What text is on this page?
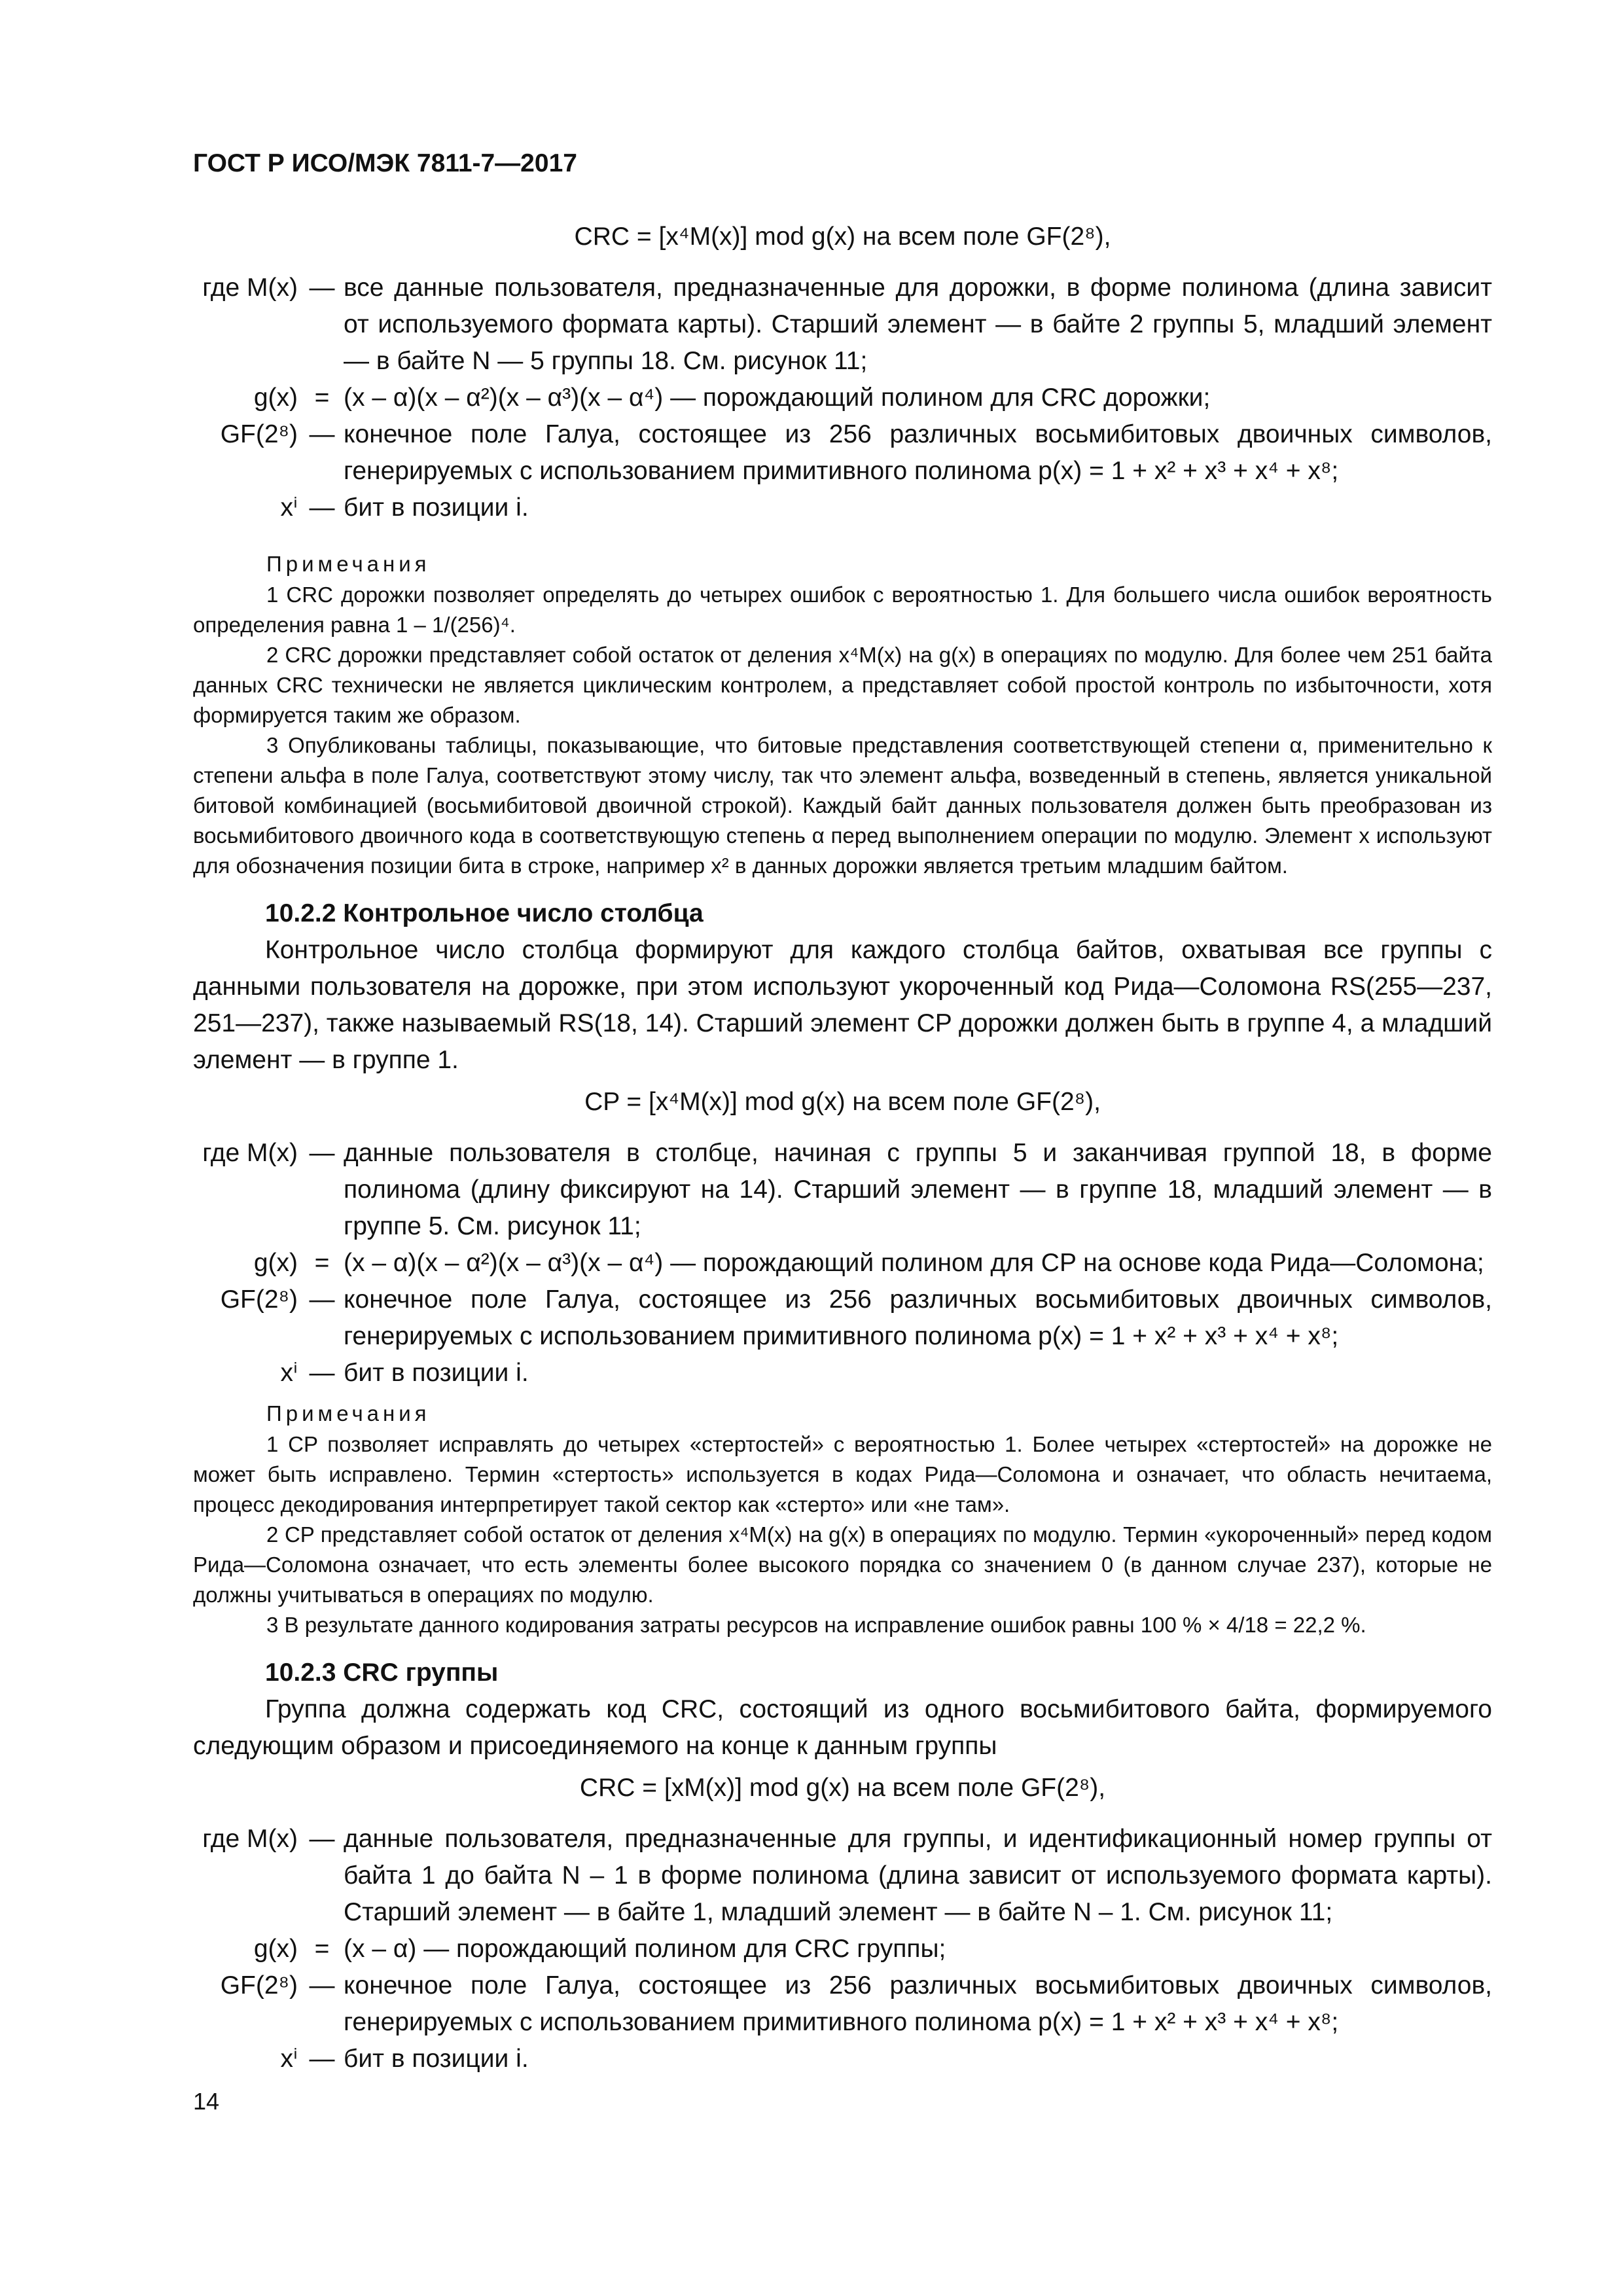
ГОСТ Р ИСО/МЭК 7811-7—2017
CRC = [x⁴M(x)] mod g(x) на всем поле GF(2⁸),
где M(x)	—	все данные пользователя, предназначенные для дорожки, в форме полинома (длина зависит от используемого формата карты). Старший элемент — в байте 2 группы 5, младший элемент — в байте N — 5 группы 18. См. рисунок 11;
g(x)	=	(x – α)(x – α²)(x – α³)(x – α⁴) — порождающий полином для CRC дорожки;
GF(2⁸)	—	конечное поле Галуа, состоящее из 256 различных восьмибитовых двоичных символов, генерируемых с использованием примитивного полинома p(x) = 1 + x² + x³ + x⁴ + x⁸;
xⁱ	—	бит в позиции i.
Примечания

1 CRC дорожки позволяет определять до четырех ошибок с вероятностью 1. Для большего числа ошибок вероятность определения равна 1 – 1/(256)⁴.

2 CRC дорожки представляет собой остаток от деления x⁴M(x) на g(x) в операциях по модулю. Для более чем 251 байта данных CRC технически не является циклическим контролем, а представляет собой простой контроль по избыточности, хотя формируется таким же образом.

3 Опубликованы таблицы, показывающие, что битовые представления соответствующей степени α, применительно к степени альфа в поле Галуа, соответствуют этому числу, так что элемент альфа, возведенный в степень, является уникальной битовой комбинацией (восьмибитовой двоичной строкой). Каждый байт данных пользователя должен быть преобразован из восьмибитового двоичного кода в соответствующую степень α перед выполнением операции по модулю. Элемент x используют для обозначения позиции бита в строке, например x² в данных дорожки является третьим младшим байтом.

10.2.2 Контрольное число столбца

Контрольное число столбца формируют для каждого столбца байтов, охватывая все группы с данными пользователя на дорожке, при этом используют укороченный код Рида—Соломона RS(255—237, 251—237), также называемый RS(18, 14). Старший элемент CP дорожки должен быть в группе 4, а младший элемент — в группе 1.

CP = [x⁴M(x)] mod g(x) на всем поле GF(2⁸),
где M(x)	—	данные пользователя в столбце, начиная с группы 5 и заканчивая группой 18, в форме полинома (длину фиксируют на 14). Старший элемент — в группе 18, младший элемент — в группе 5. См. рисунок 11;
g(x)	=	(x – α)(x – α²)(x – α³)(x – α⁴) — порождающий полином для CP на основе кода Рида—Соломона;
GF(2⁸)	—	конечное поле Галуа, состоящее из 256 различных восьмибитовых двоичных символов, генерируемых с использованием примитивного полинома p(x) = 1 + x² + x³ + x⁴ + x⁸;
xⁱ	—	бит в позиции i.
Примечания

1 CP позволяет исправлять до четырех «стертостей» с вероятностью 1. Более четырех «стертостей» на дорожке не может быть исправлено. Термин «стертость» используется в кодах Рида—Соломона и означает, что область нечитаема, процесс декодирования интерпретирует такой сектор как «стерто» или «не там».

2 CP представляет собой остаток от деления x⁴M(x) на g(x) в операциях по модулю. Термин «укороченный» перед кодом Рида—Соломона означает, что есть элементы более высокого порядка со значением 0 (в данном случае 237), которые не должны учитываться в операциях по модулю.

3 В результате данного кодирования затраты ресурсов на исправление ошибок равны 100 % × 4/18 = 22,2 %.

10.2.3 CRC группы

Группа должна содержать код CRC, состоящий из одного восьмибитового байта, формируемого следующим образом и присоединяемого на конце к данным группы

CRC = [xM(x)] mod g(x) на всем поле GF(2⁸),
где M(x)	—	данные пользователя, предназначенные для группы, и идентификационный номер группы от байта 1 до байта N – 1 в форме полинома (длина зависит от используемого формата карты). Старший элемент — в байте 1, младший элемент — в байте N – 1. См. рисунок 11;
g(x)	=	(x – α) — порождающий полином для CRC группы;
GF(2⁸)	—	конечное поле Галуа, состоящее из 256 различных восьмибитовых двоичных символов, генерируемых с использованием примитивного полинома p(x) = 1 + x² + x³ + x⁴ + x⁸;
xⁱ	—	бит в позиции i.
14
